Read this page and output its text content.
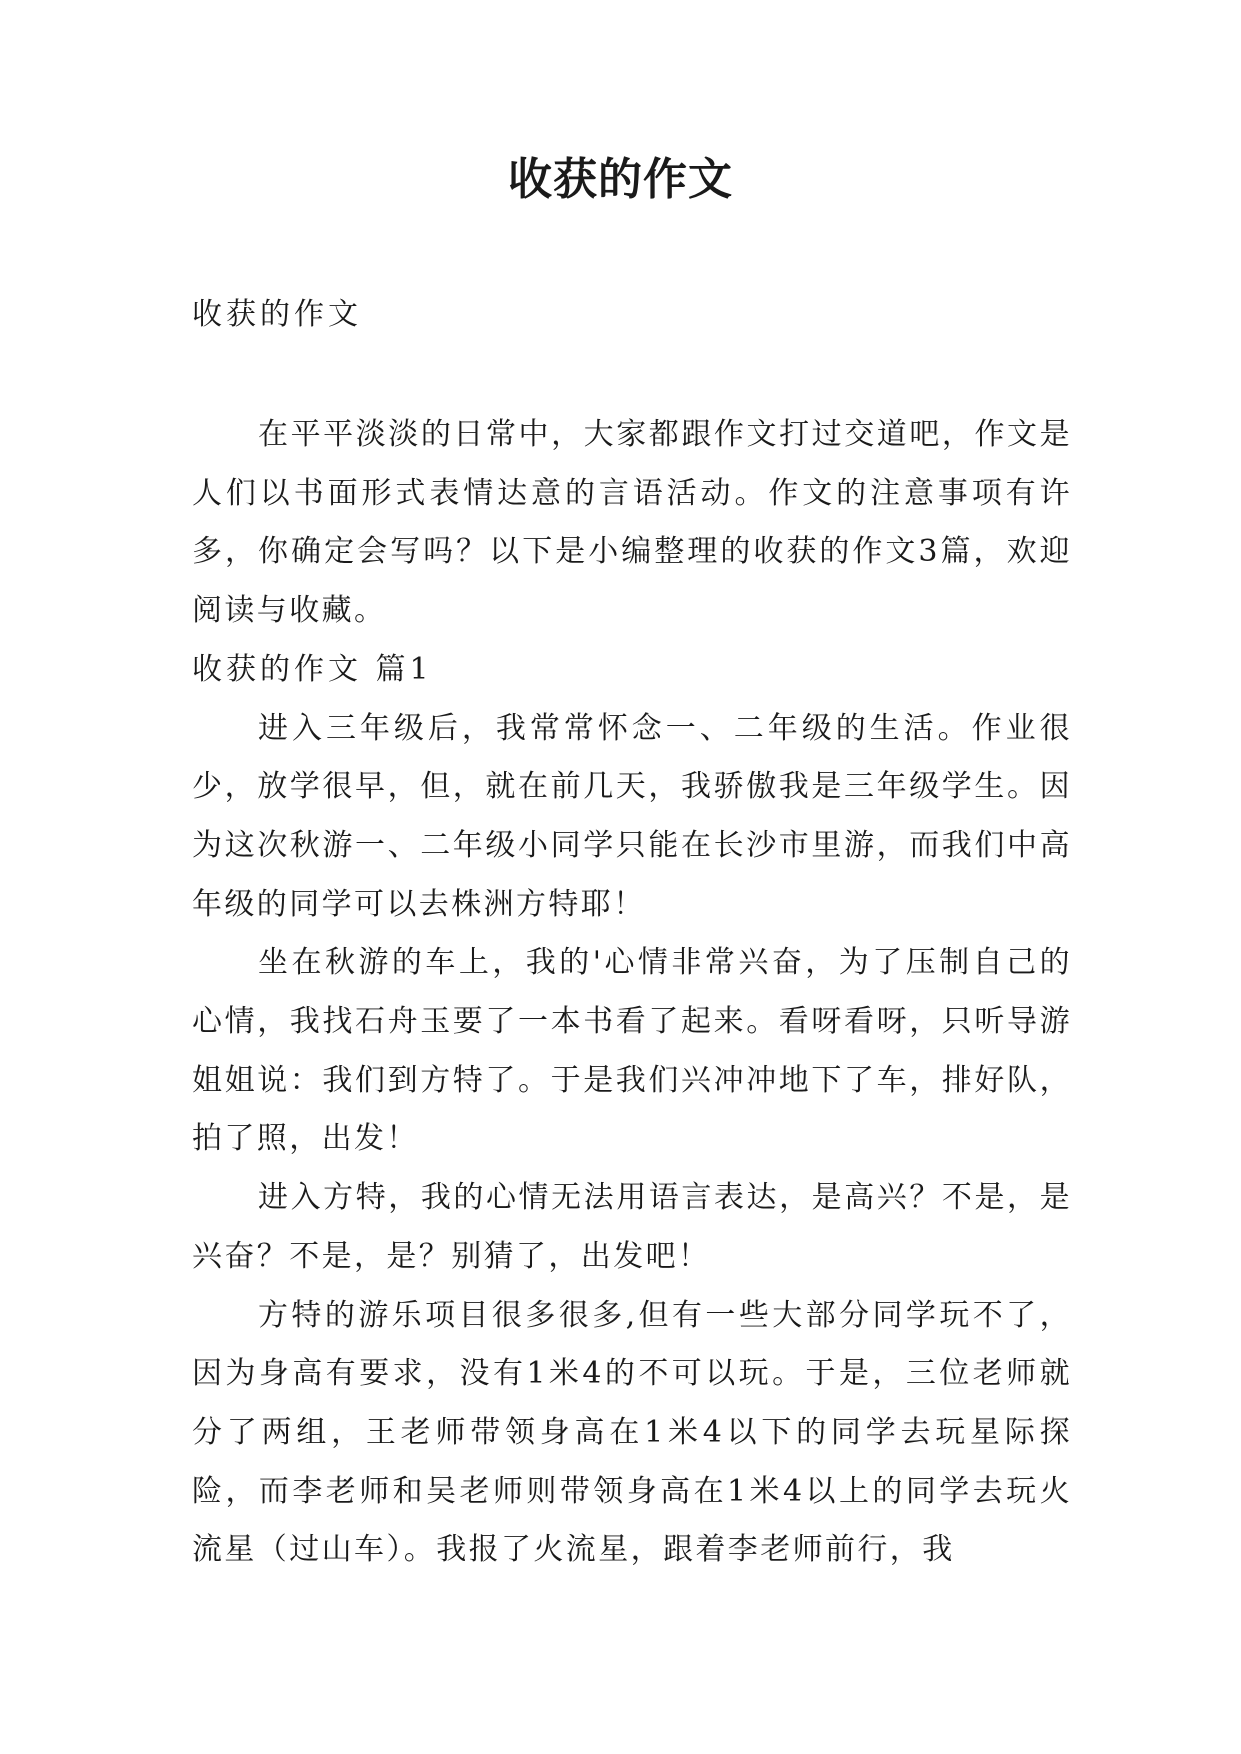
收获的作文

收获的作文

在平平淡淡的日常中，大家都跟作文打过交道吧，作文是人们以书面形式表情达意的言语活动。作文的注意事项有许多，你确定会写吗？以下是小编整理的收获的作文3篇，欢迎阅读与收藏。

收获的作文 篇1

进入三年级后，我常常怀念一、二年级的生活。作业很少，放学很早，但，就在前几天，我骄傲我是三年级学生。因为这次秋游一、二年级小同学只能在长沙市里游，而我们中高年级的同学可以去株洲方特耶！

坐在秋游的车上，我的'心情非常兴奋，为了压制自己的心情，我找石舟玉要了一本书看了起来。看呀看呀，只听导游姐姐说：我们到方特了。于是我们兴冲冲地下了车，排好队，拍了照，出发！

进入方特，我的心情无法用语言表达，是高兴？不是，是兴奋？不是，是？别猜了，出发吧！

方特的游乐项目很多很多,但有一些大部分同学玩不了，因为身高有要求，没有1米4的不可以玩。于是，三位老师就分了两组，王老师带领身高在1米4以下的同学去玩星际探险，而李老师和吴老师则带领身高在1米4以上的同学去玩火流星（过山车）。我报了火流星，跟着李老师前行，我
